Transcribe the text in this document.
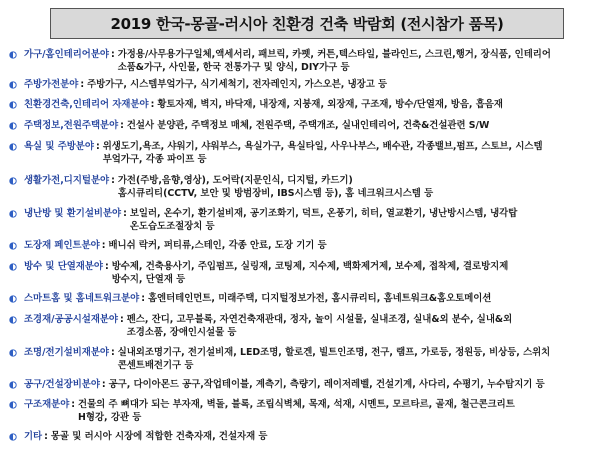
2019 한국-몽골-러시아 친환경 건축 박람회 (전시참가 품목)
가구/홈인테리어분야 : 가정용/사무용가구일체,액세서리, 패브릭, 카펫, 커튼,텍스타일, 블라인드, 스크린,행거, 장식품, 인테리어
소품&가구, 사인물, 한국 전통가구 및 양식, DIY가구 등
주방가전분야 : 주방가구, 시스템부엌가구, 식기세척기, 전자레인지, 가스오븐, 냉장고 등
친환경건축,인테리어 자재분야 : 황토자재, 벽지, 바닥재, 내장재, 지붕재, 외장재, 구조재, 방수/단열재, 방음, 흡음재
주택정보,전원주택분야 : 건설사 분양관, 주택정보 매체, 전원주택, 주택개조, 실내인테리어, 건축&건설관련 S/W
욕실 및 주방분야 : 위생도기,욕조, 샤워기, 샤워부스, 욕실가구, 욕실타일, 사우나부스, 배수관, 각종밸브,펌프, 스토브, 시스템
부엌가구, 각종 파이프 등
생활가전,디지털분야 : 가전(주방,음향,영상), 도어락(지문인식, 디지털, 카드기)
홈시큐리티(CCTV, 보안 및 방범장비, IBS시스템 등), 홈 네크워크시스템 등
냉난방 및 환기설비분야 : 보일러, 온수기, 환기설비재, 공기조화기, 덕트, 온풍기, 히터, 열교환기, 냉난방시스템, 냉각탑
온도습도조절장치 등
도장재 페인트분야 : 배니쉬 락커, 퍼티류,스테인, 각종 안료, 도장 기기 등
방수 및 단열재분야 : 방수제, 건축용사기, 주입펌프, 실링재, 코팅제, 지수제, 백화제거제, 보수제, 접착제, 결로방지제
방수지, 단열재 등
스마트홈 및 홈네트워크분야 : 홈엔터테인먼트, 미래주택, 디지털정보가전, 홈시큐리티, 홈네트워크&홈오토메이션
조경재/공공시설재분야 : 펜스, 잔디, 고무블록, 자연건축재관대, 정자, 놀이 시설물, 실내조경, 실내&외 분수, 실내&외
조경소품, 장애인시설물 등
조명/전기설비재분야 : 실내외조명기구, 전기설비재, LED조명, 할로겐, 빌트인조명, 전구, 램프, 가로등, 정원등, 비상등, 스위치
콘센트배전기구 등
공구/건설장비분야 : 공구, 다이아몬드 공구,작업테이블, 계측기, 측량기, 레이저레벨, 건설기계, 사다리, 수평기, 누수탐지기 등
구조재분야 : 건물의 주 뼈대가 되는 부자재, 벽돌, 블록, 조립식벽체, 목재, 석재, 시멘트, 모르타르, 골재, 철근콘크리트
H형강, 강관 등
기타 : 몽골 및 러시아 시장에 적합한 건축자재, 건설자재 등
